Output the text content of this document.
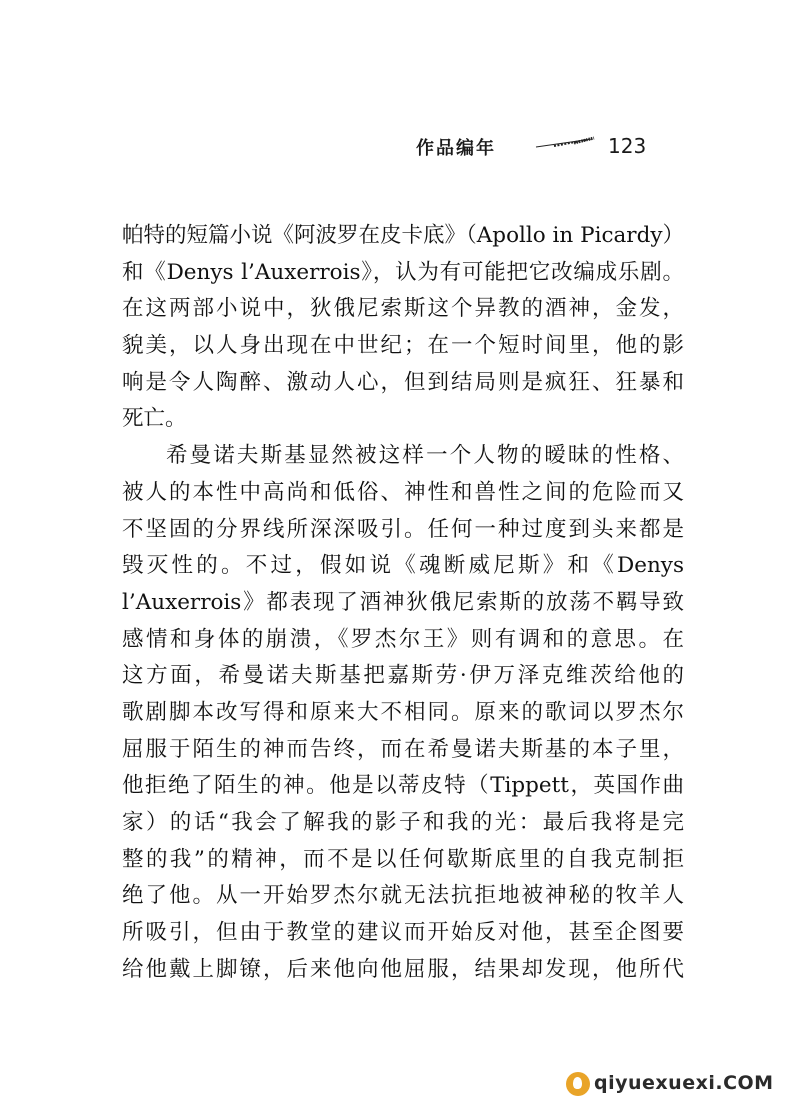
作品编年	123
帕特的短篇小说《阿波罗在皮卡底》（Apollo in Picardy）
和《Denys l’Auxerrois》，认为有可能把它改编成乐剧。
在这两部小说中，狄俄尼索斯这个异教的酒神，金发，
貌美，以人身出现在中世纪；在一个短时间里，他的影
响是令人陶醉、激动人心，但到结局则是疯狂、狂暴和
死亡。
希曼诺夫斯基显然被这样一个人物的暧昧的性格、
被人的本性中高尚和低俗、神性和兽性之间的危险而又
不坚固的分界线所深深吸引。任何一种过度到头来都是
毁灭性的。不过，假如说《魂断威尼斯》和《Denys
l’Auxerrois》都表现了酒神狄俄尼索斯的放荡不羁导致
感情和身体的崩溃，《罗杰尔王》则有调和的意思。在
这方面，希曼诺夫斯基把嘉斯劳·伊万泽克维茨给他的
歌剧脚本改写得和原来大不相同。原来的歌词以罗杰尔
屈服于陌生的神而告终，而在希曼诺夫斯基的本子里，
他拒绝了陌生的神。他是以蒂皮特（Tippett，英国作曲
家）的话“我会了解我的影子和我的光：最后我将是完
整的我”的精神，而不是以任何歇斯底里的自我克制拒
绝了他。从一开始罗杰尔就无法抗拒地被神秘的牧羊人
所吸引，但由于教堂的建议而开始反对他，甚至企图要
给他戴上脚镣，后来他向他屈服，结果却发现，他所代
qiyuexuexi.COM
